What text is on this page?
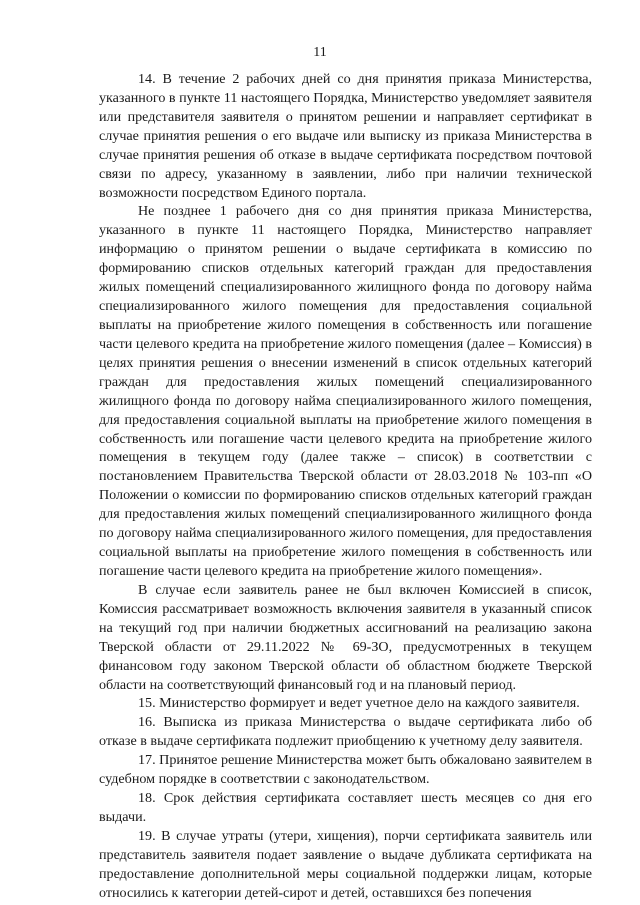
11

14. В течение 2 рабочих дней со дня принятия приказа Министерства, указанного в пункте 11 настоящего Порядка, Министерство уведомляет заявителя или представителя заявителя о принятом решении и направляет сертификат в случае принятия решения о его выдаче или выписку из приказа Министерства в случае принятия решения об отказе в выдаче сертификата посредством почтовой связи по адресу, указанному в заявлении, либо при наличии технической возможности посредством Единого портала.

Не позднее 1 рабочего дня со дня принятия приказа Министерства, указанного в пункте 11 настоящего Порядка, Министерство направляет информацию о принятом решении о выдаче сертификата в комиссию по формированию списков отдельных категорий граждан для предоставления жилых помещений специализированного жилищного фонда по договору найма специализированного жилого помещения для предоставления социальной выплаты на приобретение жилого помещения в собственность или погашение части целевого кредита на приобретение жилого помещения (далее – Комиссия) в целях принятия решения о внесении изменений в список отдельных категорий граждан для предоставления жилых помещений специализированного жилищного фонда по договору найма специализированного жилого помещения, для предоставления социальной выплаты на приобретение жилого помещения в собственность или погашение части целевого кредита на приобретение жилого помещения в текущем году (далее также – список) в соответствии с постановлением Правительства Тверской области от 28.03.2018 № 103-пп «О Положении о комиссии по формированию списков отдельных категорий граждан для предоставления жилых помещений специализированного жилищного фонда по договору найма специализированного жилого помещения, для предоставления социальной выплаты на приобретение жилого помещения в собственность или погашение части целевого кредита на приобретение жилого помещения».

В случае если заявитель ранее не был включен Комиссией в список, Комиссия рассматривает возможность включения заявителя в указанный список на текущий год при наличии бюджетных ассигнований на реализацию закона Тверской области от 29.11.2022 № 69-ЗО, предусмотренных в текущем финансовом году законом Тверской области об областном бюджете Тверской области на соответствующий финансовый год и на плановый период.

15. Министерство формирует и ведет учетное дело на каждого заявителя.

16. Выписка из приказа Министерства о выдаче сертификата либо об отказе в выдаче сертификата подлежит приобщению к учетному делу заявителя.

17. Принятое решение Министерства может быть обжаловано заявителем в судебном порядке в соответствии с законодательством.

18. Срок действия сертификата составляет шесть месяцев со дня его выдачи.

19. В случае утраты (утери, хищения), порчи сертификата заявитель или представитель заявителя подает заявление о выдаче дубликата сертификата на предоставление дополнительной меры социальной поддержки лицам, которые относились к категории детей-сирот и детей, оставшихся без попечения
